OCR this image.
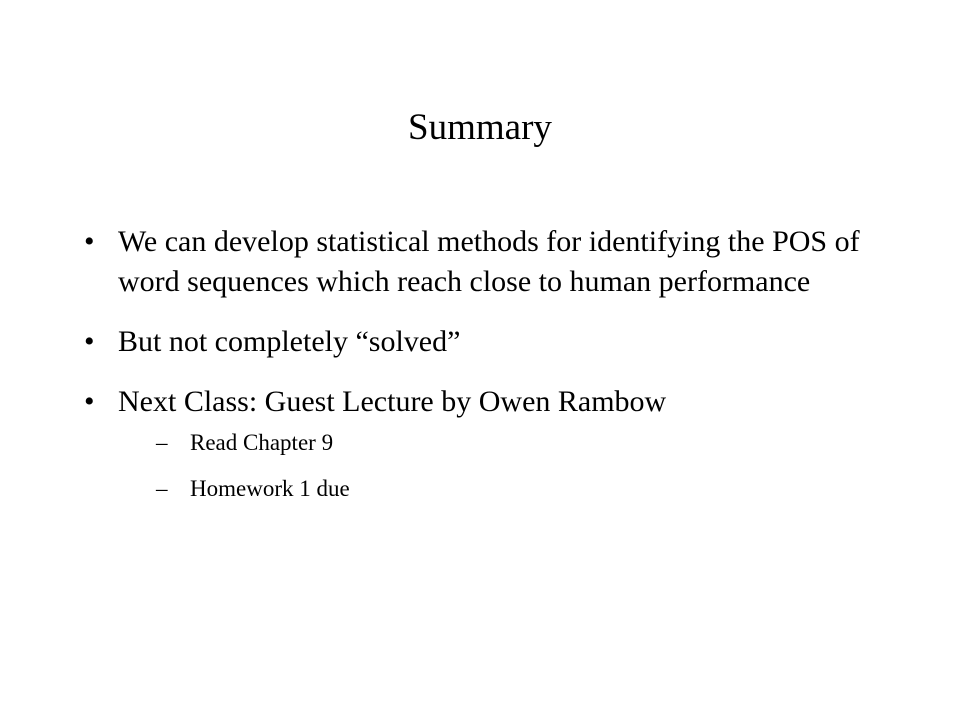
Summary
• We can develop statistical methods for identifying the POS of word sequences which reach close to human performance
• But not completely “solved”
• Next Class: Guest Lecture by Owen Rambow
– Read Chapter 9
– Homework 1 due
